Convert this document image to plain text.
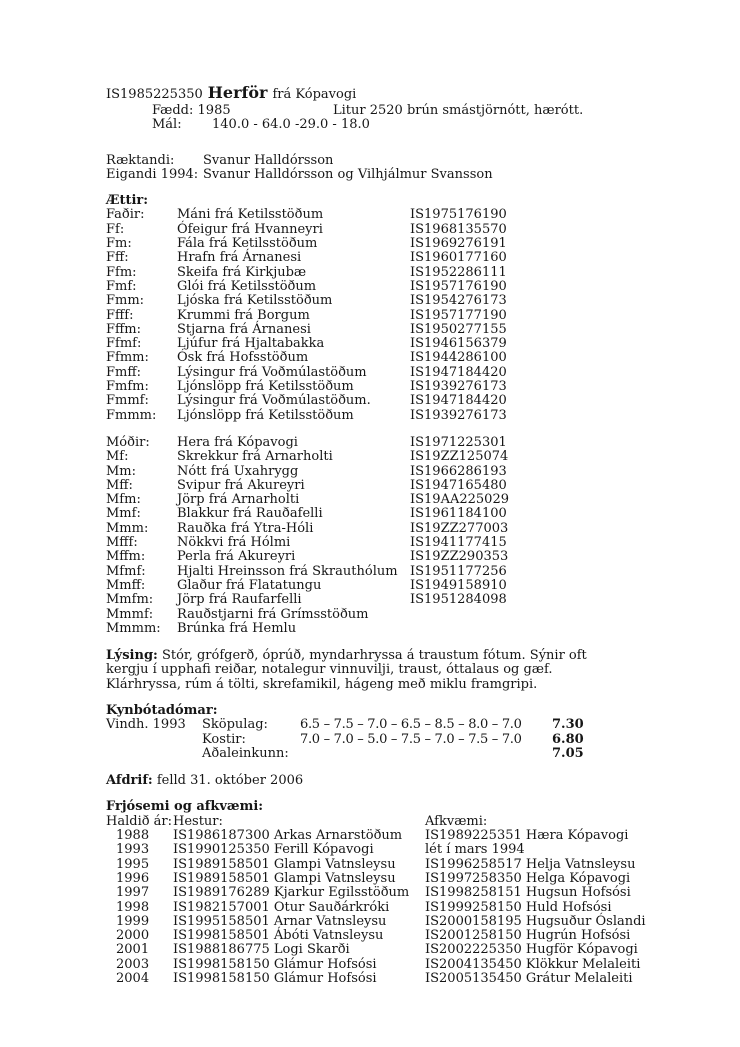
IS1985225350 Herför frá Kópavogi
Fædd: 1985	Litur 2520 brún smástjörnótt, hærótt.
Mál:	140.0 - 64.0 -29.0 - 18.0
Ræktandi:	Svanur Halldórsson
Eigandi 1994: Svanur Halldórsson og Vilhjálmur Svansson
Ættir:
Faðir:	Máni frá Ketilsstöðum	IS1975176190
Ff:	Ófeigur frá Hvanneyri	IS1968135570
Fm:	Fála frá Ketilsstöðum	IS1969276191
Fff:	Hrafn frá Árnanesi	IS1960177160
Ffm:	Skeifa frá Kirkjubæ	IS1952286111
Fmf:	Glói frá Ketilsstöðum	IS1957176190
Fmm:	Ljóska frá Ketilsstöðum	IS1954276173
Ffff:	Krummi frá Borgum	IS1957177190
Fffm:	Stjarna frá Árnanesi	IS1950277155
Ffmf:	Ljúfur frá Hjaltabakka	IS1946156379
Ffmm:	Ósk frá Hofsstöðum	IS1944286100
Fmff:	Lýsingur frá Voðmúlastöðum	IS1947184420
Fmfm:	Ljónslöpp frá Ketilsstöðum	IS1939276173
Fmmf:	Lýsingur frá Voðmúlastöðum.	IS1947184420
Fmmm:	Ljónslöpp frá Ketilsstöðum	IS1939276173
Móðir:	Hera frá Kópavogi	IS1971225301
Mf:	Skrekkur frá Arnarholti	IS19ZZ125074
Mm:	Nótt frá Uxahrygg	IS1966286193
Mff:	Svipur frá Akureyri	IS1947165480
Mfm:	Jörp frá Arnarholti	IS19AA225029
Mmf:	Blakkur frá Rauðafelli	IS1961184100
Mmm:	Rauðka frá Ytra-Hóli	IS19ZZ277003
Mfff:	Nökkvi frá Hólmi	IS1941177415
Mffm:	Perla frá Akureyri	IS19ZZ290353
Mfmf:	Hjalti Hreinsson frá Skrauthólum IS1951177256
Mmff:	Glaður frá Flatatungu	IS1949158910
Mmfm:	Jörp frá Raufarfelli	IS1951284098
Mmmf:	Rauðstjarni frá Grímsstöðum
Mmmm:	Brúnka frá Hemlu
Lýsing: Stór, grófgerð, óprúð, myndarhryssa á traustum fótum. Sýnir oft kergju í upphafi reiðar, notalegur vinnuvilji, traust, óttalaus og gæf. Klárhryssa, rúm á tölti, skrefamikil, hágeng með miklu framgripi.
Kynbótadómar:
Vindh. 1993	Sköpulag:	6.5 – 7.5 – 7.0 – 6.5 – 8.5 – 8.0 – 7.0	7.30
Kostir:	7.0 – 7.0 – 5.0 – 7.5 – 7.0 – 7.5 – 7.0	6.80
Aðaleinkunn:	7.05
Afdrif: felld 31. október 2006
Frjósemi og afkvæmi:
Haldið ár: Hestur:	Afkvæmi:
1988	IS1986187300 Arkas Arnarstöðum	IS1989225351 Hæra Kópavogi
1993	IS1990125350 Ferill Kópavogi	lét í mars 1994
1995	IS1989158501 Glampi Vatnsleysu	IS1996258517 Helja Vatnsleysu
1996	IS1989158501 Glampi Vatnsleysu	IS1997258350 Helga Kópavogi
1997	IS1989176289 Kjarkur Egilsstöðum	IS1998258151 Hugsun Hofsósi
1998	IS1982157001 Otur Sauðárkróki	IS1999258150 Huld Hofsósi
1999	IS1995158501 Arnar Vatnsleysu	IS2000158195 Hugsuður Óslandi
2000	IS1998158501 Ábóti Vatnsleysu	IS2001258150 Hugrún Hofsósi
2001	IS1988186775 Logi Skarði	IS2002225350 Hugför Kópavogi
2003	IS1998158150 Glámur Hofsósi	IS2004135450 Klökkur Melaleiti
2004	IS1998158150 Glámur Hofsósi	IS2005135450 Grátur Melaleiti
